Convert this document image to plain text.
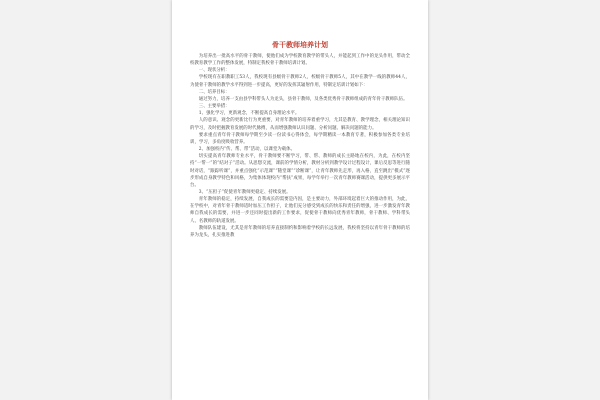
骨干教师培养计划

为培养出一批高水平的骨干教师，使他们成为学校教育教学的带头人，并能起到工作中的龙头作用，带动全校教育教学工作的整体发展，特制定我校骨干教师培训计划。

一、现状分析：

学校现有在职教职工53人，我校现有县级骨干教师2人，校级骨干教师5人，其中在教学一线的教师44人，为使骨干教师的教学水平得到进一步提高，更好的发挥其辐射作用，特制定培训计划如下：

二、培养目标：

通过努力，培养一支由县学科带头人为龙头，县骨干教师，及各类优秀骨干教师组成的青年骨干教师队伍。

三、主要举措：

1、强化学习，更新观念，不断提高自身理论水平。

人的意识、观念的更新比行为更重要，对青年教师的培养着重学习，尤其是教育、教学理念，相关理论知识的学习，及时把握教育发展的时代脉搏，从而增强教师认识问题、分析问题、解决问题的能力。

要求重点青年骨干教师每学期至少读一份读书心得体会，每学期精读一本教育专著，积极参加各类专业培训，学习，多角度吸收营养。

2、加强校内“传、帮、带”活动，以课堂为载体。

切实提高青年教师专业水平，骨干教师要不断学习，带、帮、教师的成长主路地在校内，为此，在校内坚持“一帮一”的“结对子”活动。从思想交流，课前的学情分析，教材分析到教学设计过程设计，课后反思等进行随时对话，“跟踪听课”，并重点强化“示范课”“随堂课”“诊断课”，让青年教师先走形，再入格，直至跳出“模式”逐步形成自身教学特色和风格，为集体体现校内“帮扶”成果，每学年举行一次青年教师赛课活动，提供更多展示平台。

3、“压担子”促使青年教师更稳定、持续发展。

青年教师的稳定，持续发展，自我成长的需要是内因，是主要动力，外部环境起着巨大的推动作用，为此，在学校中，对青年骨干教师适时加压工作担子，让他们充分感受到成长的快乐和责任的增强，进一步激发青年教师自我成长的需要，并进一步还同时提出新的工作要求，促使骨干教师向优秀青年教师，骨干教师、学科带头人、名教师的轨道发展。

教师队伍建设，尤其是青年教师的培养直接制约和影响着学校的长远发展，我校将坚持以青年骨干教师的培养为龙头，扎实推进教
